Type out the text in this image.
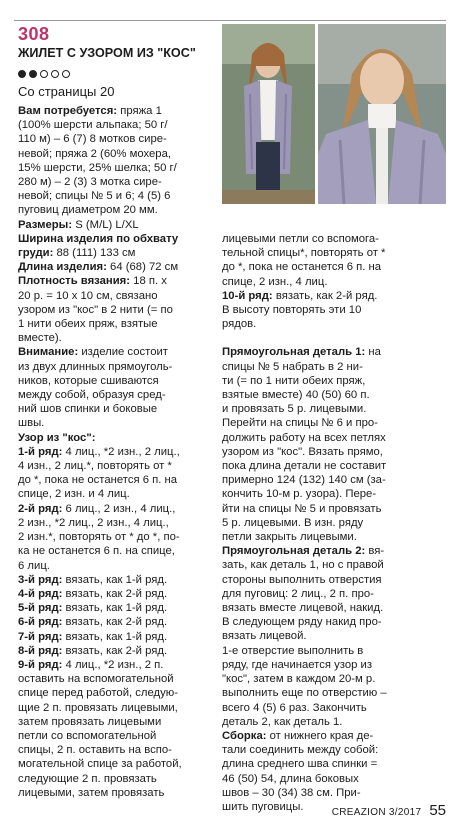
308
ЖИЛЕТ С УЗОРОМ ИЗ "КОС"
Со страницы 20
Вам потребуется: пряжа 1
(100% шерсти альпака; 50 г/
110 м) – 6 (7) 8 мотков сире-
невой; пряжа 2 (60% мохера,
15% шерсти, 25% шелка; 50 г/
280 м) – 2 (3) 3 мотка сире-
невой; спицы № 5 и 6; 4 (5) 6
пуговиц диаметром 20 мм.
Размеры: S (M/L) L/XL
Ширина изделия по обхвату
груди: 88 (111) 133 см
Длина изделия: 64 (68) 72 см
Плотность вязания: 18 п. х
20 р. = 10 х 10 см, связано
узором из "кос" в 2 нити (= по
1 нити обеих пряж, взятые
вместе).
Внимание: изделие состоит
из двух длинных прямоуголь-
ников, которые сшиваются
между собой, образуя сред-
ний шов спинки и боковые
швы.
Узор из "кос":
1-й ряд: 4 лиц., *2 изн., 2 лиц.,
4 изн., 2 лиц.*, повторять от *
до *, пока не останется 6 п. на
спице, 2 изн. и 4 лиц.
2-й ряд: 6 лиц., 2 изн., 4 лиц.,
2 изн., *2 лиц., 2 изн., 4 лиц.,
2 изн.*, повторять от * до *, по-
ка не останется 6 п. на спице,
6 лиц.
3-й ряд: вязать, как 1-й ряд.
4-й ряд: вязать, как 2-й ряд.
5-й ряд: вязать, как 1-й ряд.
6-й ряд: вязать, как 2-й ряд.
7-й ряд: вязать, как 1-й ряд.
8-й ряд: вязать, как 2-й ряд.
9-й ряд: 4 лиц., *2 изн., 2 п.
оставить на вспомогательной
спице перед работой, следую-
щие 2 п. провязать лицевыми,
затем провязать лицевыми
петли со вспомогательной
спицы, 2 п. оставить на вспо-
могательной спице за работой,
следующие 2 п. провязать
лицевыми, затем провязать
лицевыми петли со вспомога-
тельной спицы*, повторять от *
до *, пока не останется 6 п. на
спице, 2 изн., 4 лиц.
10-й ряд: вязать, как 2-й ряд.
В высоту повторять эти 10
рядов.
Прямоугольная деталь 1: на
спицы № 5 набрать в 2 ни-
ти (= по 1 нити обеих пряж,
взятые вместе) 40 (50) 60 п.
и провязать 5 р. лицевыми.
Перейти на спицы № 6 и про-
должить работу на всех петлях
узором из "кос". Вязать прямо,
пока длина детали не составит
примерно 124 (132) 140 см (за-
кончить 10-м р. узора). Пере-
йти на спицы № 5 и провязать
5 р. лицевыми. В изн. ряду
петли закрыть лицевыми.
Прямоугольная деталь 2: вя-
зать, как деталь 1, но с правой
стороны выполнить отверстия
для пуговиц: 2 лиц., 2 п. про-
вязать вместе лицевой, накид.
В следующем ряду накид про-
вязать лицевой.
1-е отверстие выполнить в
ряду, где начинается узор из
"кос", затем в каждом 20-м р.
выполнить еще по отверстию –
всего 4 (5) 6 раз. Закончить
деталь 2, как деталь 1.
Сборка: от нижнего края де-
тали соединить между собой:
длина среднего шва спинки =
46 (50) 54, длина боковых
швов – 30 (34) 38 см. При-
шить пуговицы.	CREAZION 3/2017 55
